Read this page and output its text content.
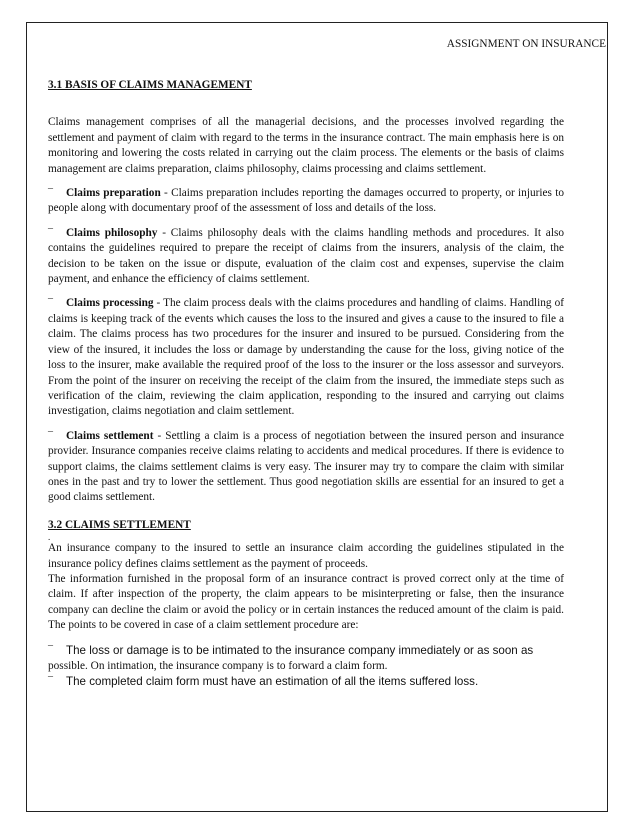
ASSIGNMENT ON INSURANCE

3.1 BASIS OF CLAIMS MANAGEMENT

Claims management comprises of all the managerial decisions, and the processes involved regarding the settlement and payment of claim with regard to the terms in the insurance contract. The main emphasis here is on monitoring and lowering the costs related in carrying out the claim process. The elements or the basis of claims management are claims preparation, claims philosophy, claims processing and claims settlement.

¯ Claims preparation - Claims preparation includes reporting the damages occurred to property, or injuries to people along with documentary proof of the assessment of loss and details of the loss.

¯ Claims philosophy - Claims philosophy deals with the claims handling methods and procedures. It also contains the guidelines required to prepare the receipt of claims from the insurers, analysis of the claim, the decision to be taken on the issue or dispute, evaluation of the claim cost and expenses, supervise the claim payment, and enhance the efficiency of claims settlement.

¯ Claims processing - The claim process deals with the claims procedures and handling of claims. Handling of claims is keeping track of the events which causes the loss to the insured and gives a cause to the insured to file a claim. The claims process has two procedures for the insurer and insured to be pursued. Considering from the view of the insured, it includes the loss or damage by understanding the cause for the loss, giving notice of the loss to the insurer, make available the required proof of the loss to the insurer or the loss assessor and surveyors. From the point of the insurer on receiving the receipt of the claim from the insured, the immediate steps such as verification of the claim, reviewing the claim application, responding to the insured and carrying out claims investigation, claims negotiation and claim settlement.

¯ Claims settlement - Settling a claim is a process of negotiation between the insured person and insurance provider. Insurance companies receive claims relating to accidents and medical procedures. If there is evidence to support claims, the claims settlement claims is very easy. The insurer may try to compare the claim with similar ones in the past and try to lower the settlement. Thus good negotiation skills are essential for an insured to get a good claims settlement.

3.2 CLAIMS SETTLEMENT

.

An insurance company to the insured to settle an insurance claim according the guidelines stipulated in the insurance policy defines claims settlement as the payment of proceeds.

The information furnished in the proposal form of an insurance contract is proved correct only at the time of claim. If after inspection of the property, the claim appears to be misinterpreting or false, then the insurance company can decline the claim or avoid the policy or in certain instances the reduced amount of the claim is paid. The points to be covered in case of a claim settlement procedure are:

¯ The loss or damage is to be intimated to the insurance company immediately or as soon as

possible. On intimation, the insurance company is to forward a claim form.

¯ The completed claim form must have an estimation of all the items suffered loss.
